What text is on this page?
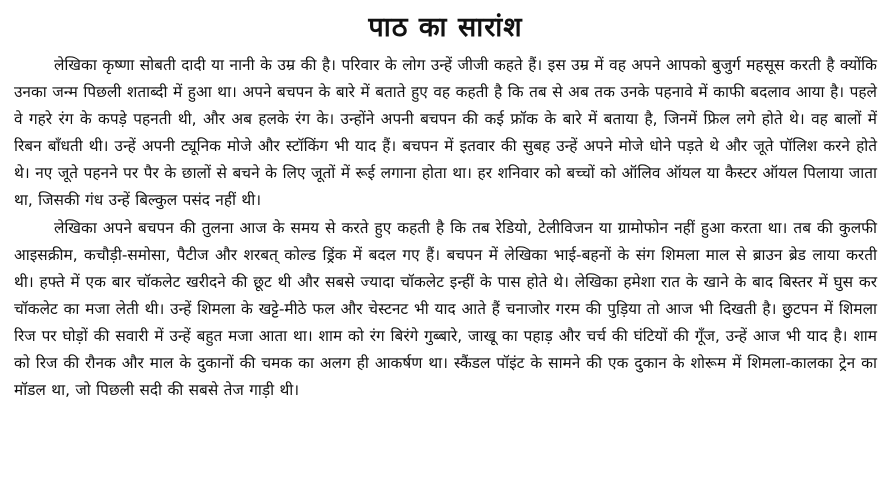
पाठ का सारांश

लेखिका कृष्णा सोबती दादी या नानी के उम्र की है। परिवार के लोग उन्हें जीजी कहते हैं। इस उम्र में वह अपने आपको बुजुर्ग महसूस करती है क्योंकि उनका जन्म पिछली शताब्दी में हुआ था। अपने बचपन के बारे में बताते हुए वह कहती है कि तब से अब तक उनके पहनावे में काफी बदलाव आया है। पहले वे गहरे रंग के कपड़े पहनती थी, और अब हलके रंग के। उन्होंने अपनी बचपन की कई फ्रॉक के बारे में बताया है, जिनमें फ्रिल लगे होते थे। वह बालों में रिबन बाँधती थी। उन्हें अपनी ट्यूनिक मोजे और स्टॉकिंग भी याद हैं। बचपन में इतवार की सुबह उन्हें अपने मोजे धोने पड़ते थे और जूते पॉलिश करने होते थे। नए जूते पहनने पर पैर के छालों से बचने के लिए जूतों में रूई लगाना होता था। हर शनिवार को बच्चों को ऑलिव ऑयल या कैस्टर ऑयल पिलाया जाता था, जिसकी गंध उन्हें बिल्कुल पसंद नहीं थी।

लेखिका अपने बचपन की तुलना आज के समय से करते हुए कहती है कि तब रेडियो, टेलीविजन या ग्रामोफोन नहीं हुआ करता था। तब की कुलफी आइसक्रीम, कचौड़ी-समोसा, पैटीज और शरबत् कोल्ड ड्रिंक में बदल गए हैं। बचपन में लेखिका भाई-बहनों के संग शिमला माल से ब्राउन ब्रेड लाया करती थी। हफ्ते में एक बार चॉकलेट खरीदने की छूट थी और सबसे ज्यादा चॉकलेट इन्हीं के पास होते थे। लेखिका हमेशा रात के खाने के बाद बिस्तर में घुस कर चॉकलेट का मजा लेती थी। उन्हें शिमला के खट्टे-मीठे फल और चेस्टनट भी याद आते हैं चनाजोर गरम की पुड़िया तो आज भी दिखती है। छुटपन में शिमला रिज पर घोड़ों की सवारी में उन्हें बहुत मजा आता था। शाम को रंग बिरंगे गुब्बारे, जाखू का पहाड़ और चर्च की घंटियों की गूँज, उन्हें आज भी याद है। शाम को रिज की रौनक और माल के दुकानों की चमक का अलग ही आकर्षण था। स्कैंडल पॉइंट के सामने की एक दुकान के शोरूम में शिमला-कालका ट्रेन का मॉडल था, जो पिछली सदी की सबसे तेज गाड़ी थी।
